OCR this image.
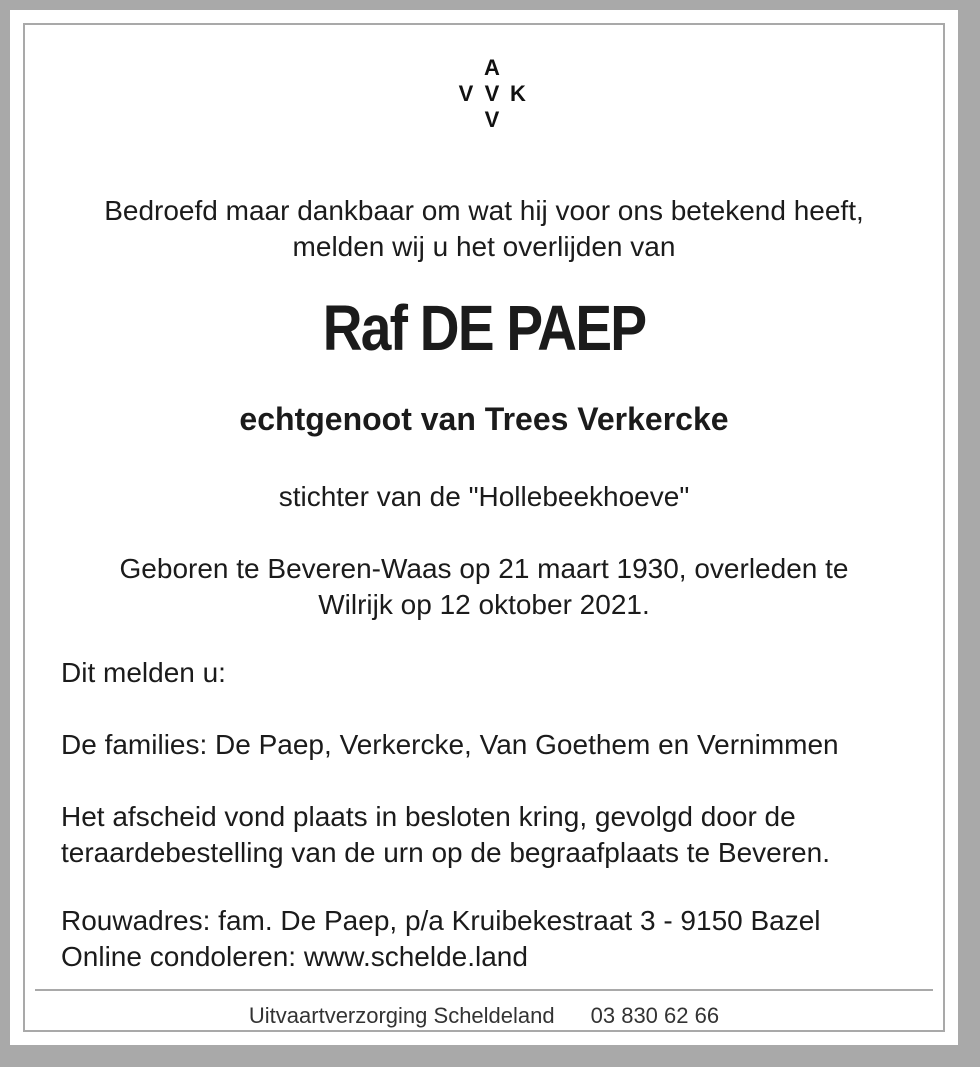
A
V V K
V
Bedroefd maar dankbaar om wat hij voor ons betekend heeft,
melden wij u het overlijden van
Raf DE PAEP
echtgenoot van Trees Verkercke
stichter van de "Hollebeekhoeve"
Geboren te Beveren-Waas op 21 maart 1930, overleden te
Wilrijk op 12 oktober 2021.
Dit melden u:
De families: De Paep, Verkercke, Van Goethem en Vernimmen
Het afscheid vond plaats in besloten kring, gevolgd door de
teraardebestelling van de urn op de begraafplaats te Beveren.
Rouwadres: fam. De Paep, p/a Kruibekestraat 3 - 9150 Bazel
Online condoleren: www.schelde.land
Uitvaartverzorging Scheldeland 03 830 62 66
